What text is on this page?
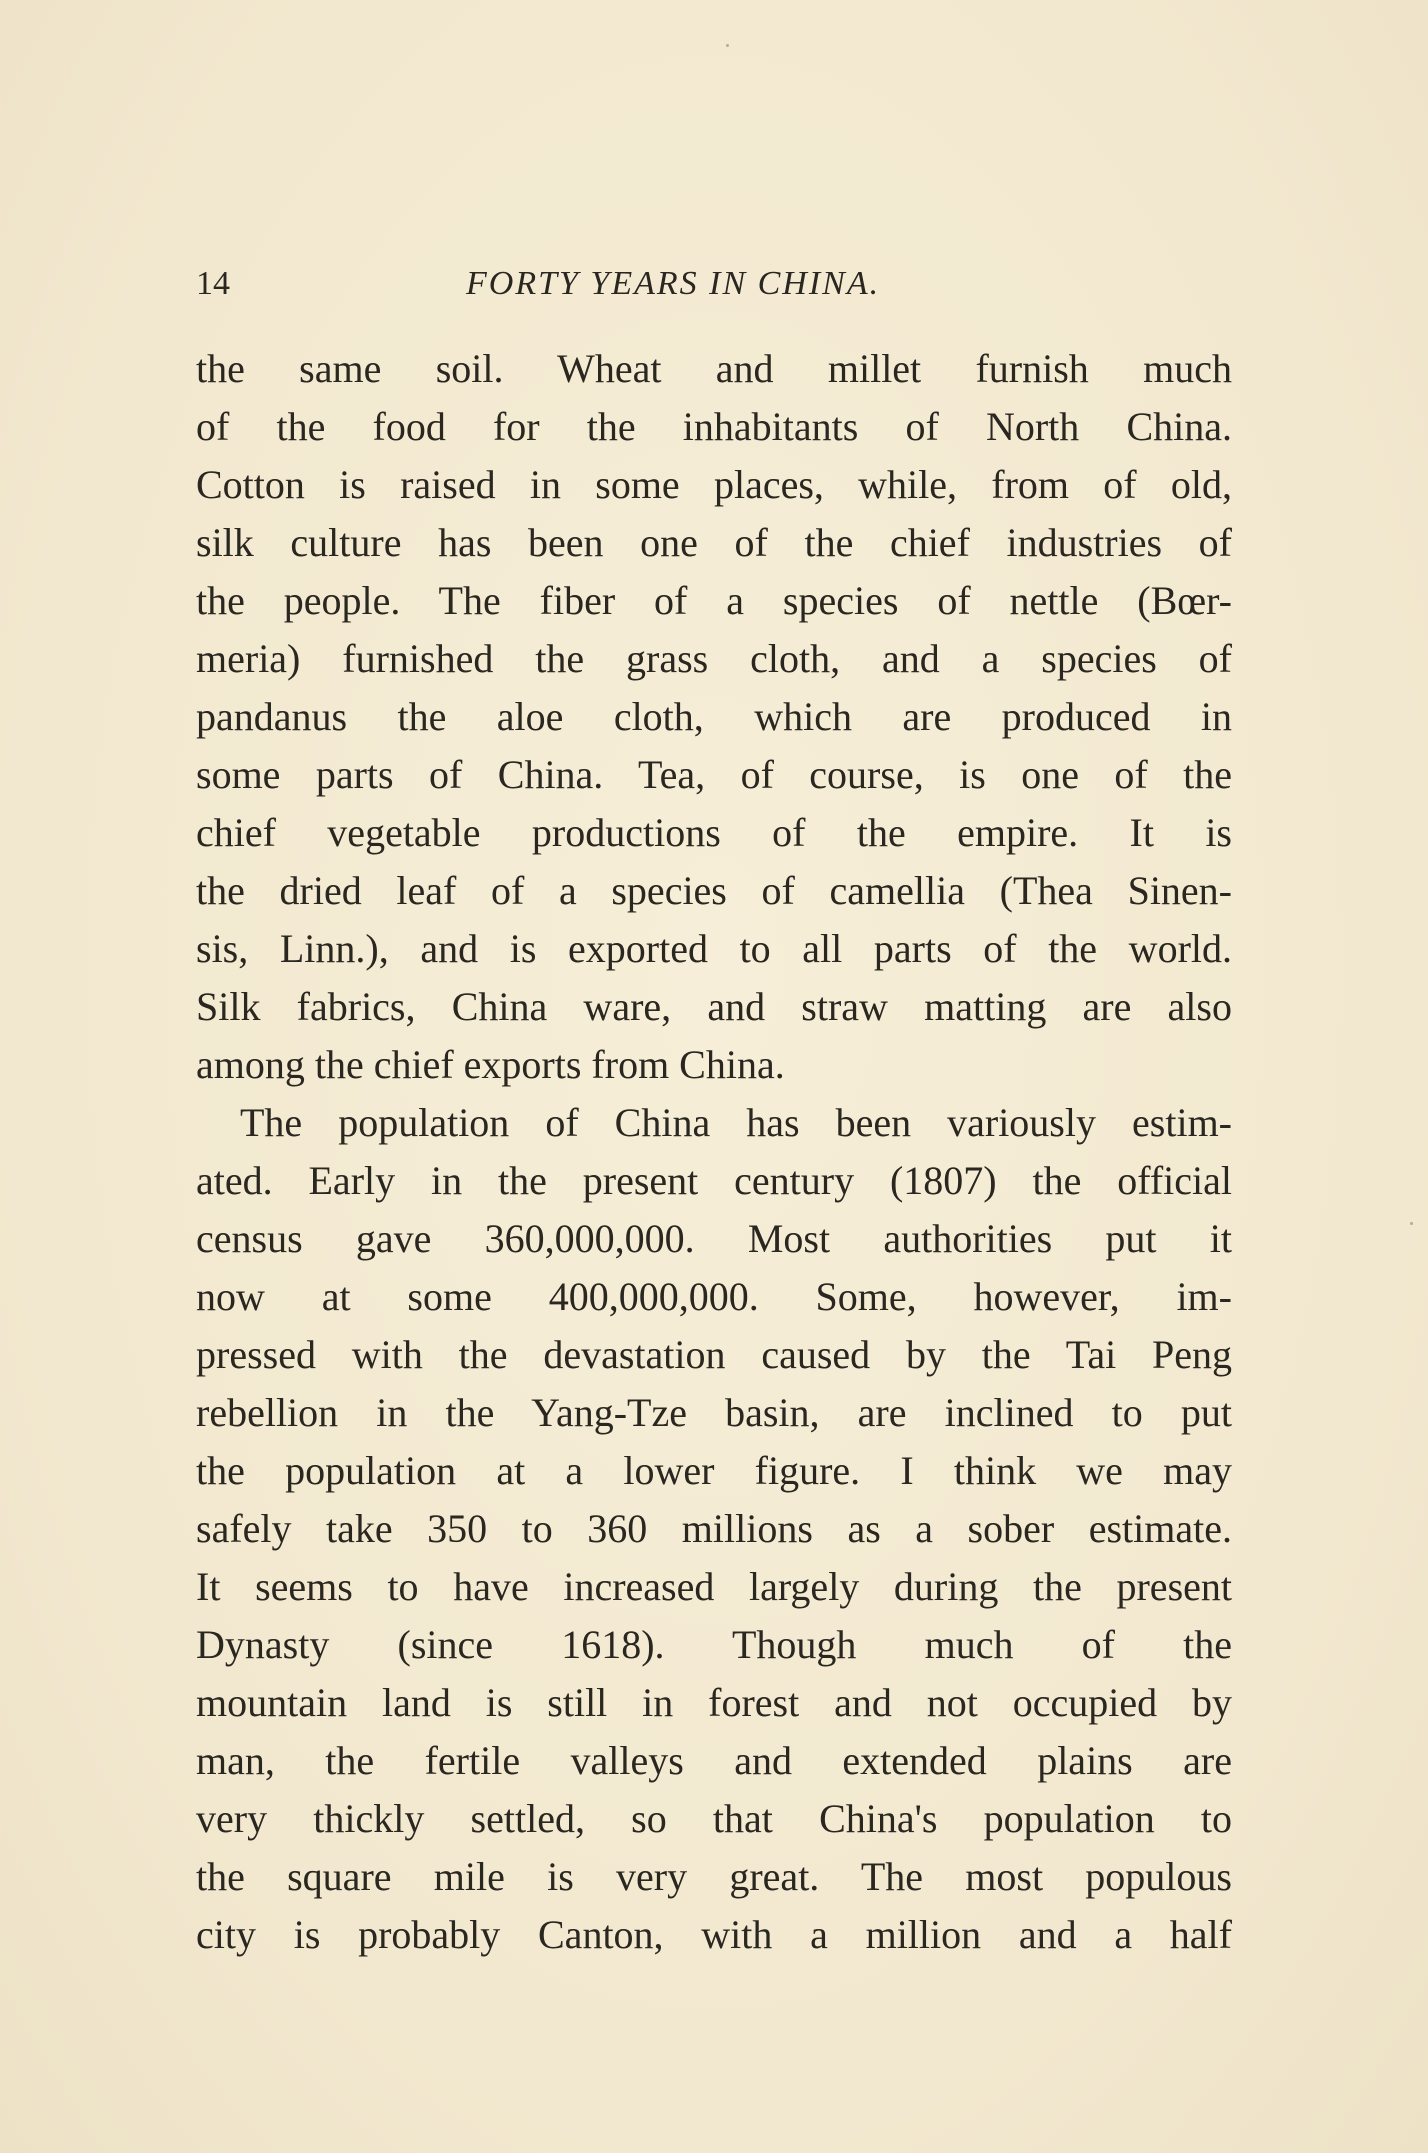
14	FORTY YEARS IN CHINA.
the same soil. Wheat and millet furnish much
of the food for the inhabitants of North China.
Cotton is raised in some places, while, from of old,
silk culture has been one of the chief industries of
the people. The fiber of a species of nettle (Bœr-
meria) furnished the grass cloth, and a species of
pandanus the aloe cloth, which are produced in
some parts of China. Tea, of course, is one of the
chief vegetable productions of the empire. It is
the dried leaf of a species of camellia (Thea Sinen-
sis, Linn.), and is exported to all parts of the world.
Silk fabrics, China ware, and straw matting are also
among the chief exports from China.
The population of China has been variously estim-
ated. Early in the present century (1807) the official
census gave 360,000,000. Most authorities put it
now at some 400,000,000. Some, however, im-
pressed with the devastation caused by the Tai Peng
rebellion in the Yang-Tze basin, are inclined to put
the population at a lower figure. I think we may
safely take 350 to 360 millions as a sober estimate.
It seems to have increased largely during the present
Dynasty (since 1618). Though much of the
mountain land is still in forest and not occupied by
man, the fertile valleys and extended plains are
very thickly settled, so that China's population to
the square mile is very great. The most populous
city is probably Canton, with a million and a half
